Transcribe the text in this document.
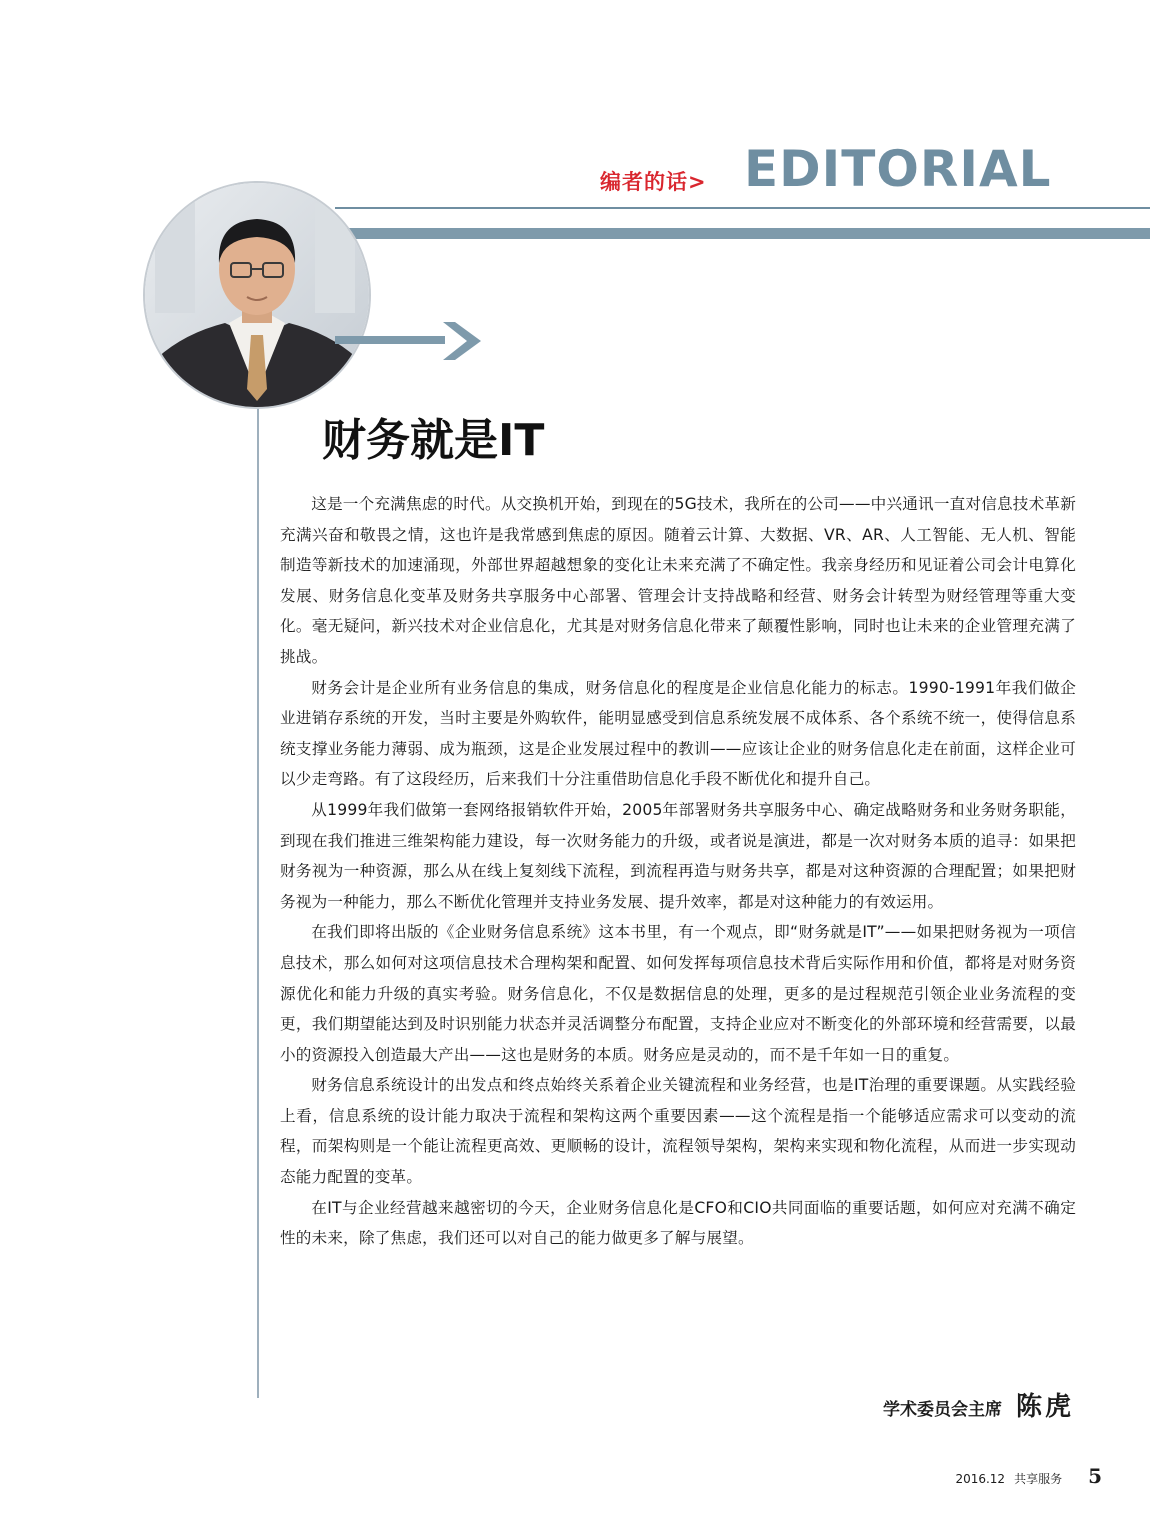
编者的话> EDITORIAL
财务就是IT

这是一个充满焦虑的时代。从交换机开始，到现在的5G技术，我所在的公司——中兴通讯一直对信息技术革新充满兴奋和敬畏之情，这也许是我常感到焦虑的原因。随着云计算、大数据、VR、AR、人工智能、无人机、智能制造等新技术的加速涌现，外部世界超越想象的变化让未来充满了不确定性。我亲身经历和见证着公司会计电算化发展、财务信息化变革及财务共享服务中心部署、管理会计支持战略和经营、财务会计转型为财经管理等重大变化。毫无疑问，新兴技术对企业信息化，尤其是对财务信息化带来了颠覆性影响，同时也让未来的企业管理充满了挑战。

财务会计是企业所有业务信息的集成，财务信息化的程度是企业信息化能力的标志。1990-1991年我们做企业进销存系统的开发，当时主要是外购软件，能明显感受到信息系统发展不成体系、各个系统不统一，使得信息系统支撑业务能力薄弱、成为瓶颈，这是企业发展过程中的教训——应该让企业的财务信息化走在前面，这样企业可以少走弯路。有了这段经历，后来我们十分注重借助信息化手段不断优化和提升自己。

从1999年我们做第一套网络报销软件开始，2005年部署财务共享服务中心、确定战略财务和业务财务职能，到现在我们推进三维架构能力建设，每一次财务能力的升级，或者说是演进，都是一次对财务本质的追寻：如果把财务视为一种资源，那么从在线上复刻线下流程，到流程再造与财务共享，都是对这种资源的合理配置；如果把财务视为一种能力，那么不断优化管理并支持业务发展、提升效率，都是对这种能力的有效运用。

在我们即将出版的《企业财务信息系统》这本书里，有一个观点，即“财务就是IT”——如果把财务视为一项信息技术，那么如何对这项信息技术合理构架和配置、如何发挥每项信息技术背后实际作用和价值，都将是对财务资源优化和能力升级的真实考验。财务信息化，不仅是数据信息的处理，更多的是过程规范引领企业业务流程的变更，我们期望能达到及时识别能力状态并灵活调整分布配置，支持企业应对不断变化的外部环境和经营需要，以最小的资源投入创造最大产出——这也是财务的本质。财务应是灵动的，而不是千年如一日的重复。

财务信息系统设计的出发点和终点始终关系着企业关键流程和业务经营，也是IT治理的重要课题。从实践经验上看，信息系统的设计能力取决于流程和架构这两个重要因素——这个流程是指一个能够适应需求可以变动的流程，而架构则是一个能让流程更高效、更顺畅的设计，流程领导架构，架构来实现和物化流程，从而进一步实现动态能力配置的变革。

在IT与企业经营越来越密切的今天，企业财务信息化是CFO和CIO共同面临的重要话题，如何应对充满不确定性的未来，除了焦虑，我们还可以对自己的能力做更多了解与展望。

学术委员会主席 陈虎
2016.12 共享服务 5
